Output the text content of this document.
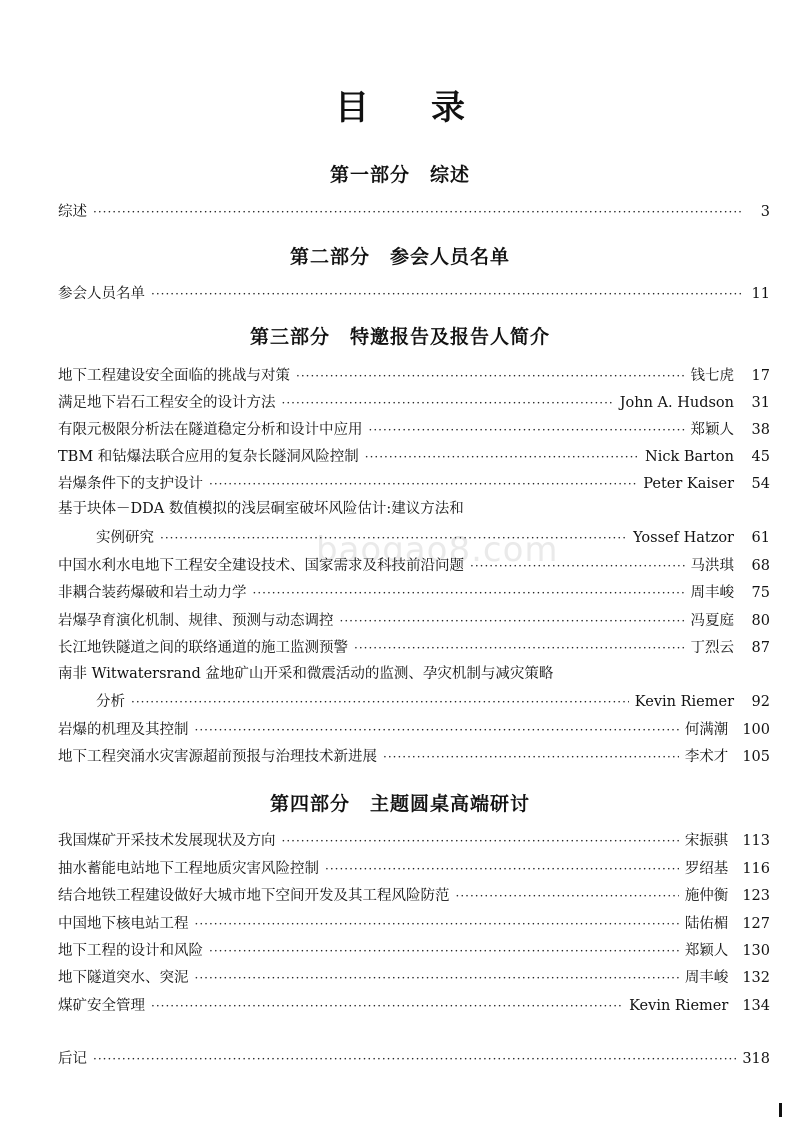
目 录
baogao8.com
第一部分　综述
综述 ·····	3
第二部分　参会人员名单
参会人员名单 ·····	11
第三部分　特邀报告及报告人简介
地下工程建设安全面临的挑战与对策 ·····	钱七虎 17
满足地下岩石工程安全的设计方法 ·····	John A. Hudson 31
有限元极限分析法在隧道稳定分析和设计中应用 ·····	郑颖人 38
TBM 和钻爆法联合应用的复杂长隧洞风险控制 ·····	Nick Barton 45
岩爆条件下的支护设计 ·····	Peter Kaiser 54
基于块体－DDA 数值模拟的浅层硐室破坏风险估计:建议方法和
实例研究 ·····	Yossef Hatzor 61
中国水利水电地下工程安全建设技术、国家需求及科技前沿问题 ·····	马洪琪 68
非耦合装药爆破和岩土动力学 ·····	周丰峻 75
岩爆孕育演化机制、规律、预测与动态调控 ·····	冯夏庭 80
长江地铁隧道之间的联络通道的施工监测预警 ·····	丁烈云 87
南非 Witwatersrand 盆地矿山开采和微震活动的监测、孕灾机制与减灾策略
分析 ·····	Kevin Riemer 92
岩爆的机理及其控制 ·····	何满潮 100
地下工程突涌水灾害源超前预报与治理技术新进展 ·····	李术才 105
第四部分　主题圆桌高端研讨
我国煤矿开采技术发展现状及方向 ·····	宋振骐 113
抽水蓄能电站地下工程地质灾害风险控制 ·····	罗绍基 116
结合地铁工程建设做好大城市地下空间开发及其工程风险防范 ·····	施仲衡 123
中国地下核电站工程 ·····	陆佑楣 127
地下工程的设计和风险 ·····	郑颖人 130
地下隧道突水、突泥 ·····	周丰峻 132
煤矿安全管理 ·····	Kevin Riemer 134
后记 ·····	318
